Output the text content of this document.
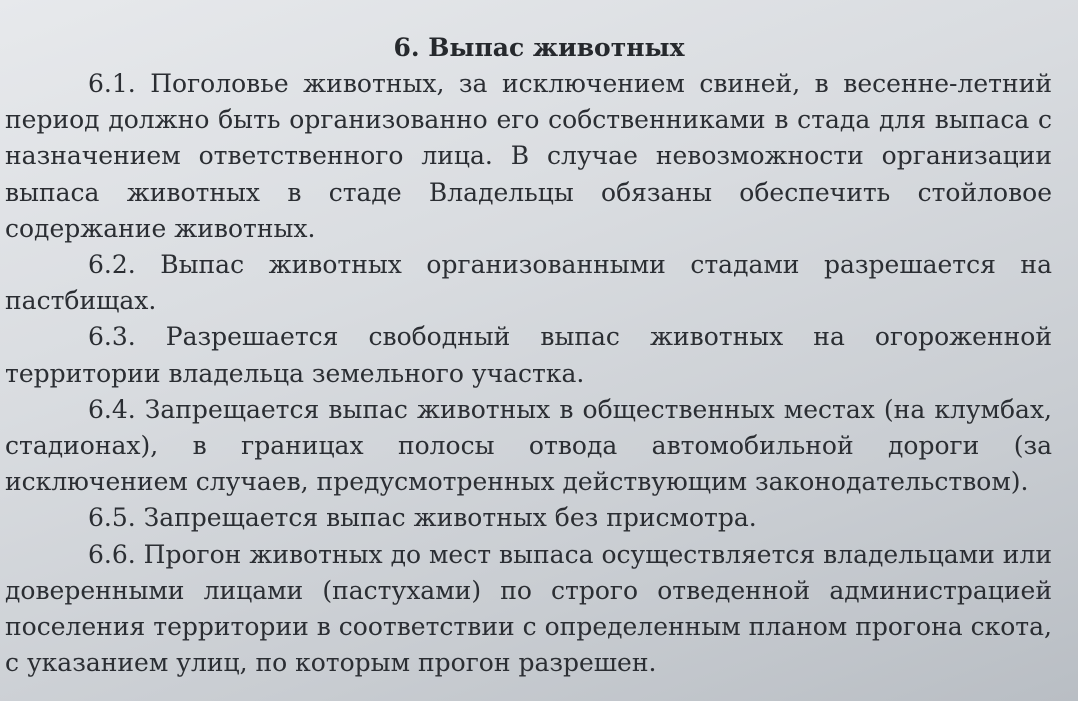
6. Выпас животных
6.1. Поголовье животных, за исключением свиней, в весенне-летний
период должно быть организованно его собственниками в стада для выпаса с
назначением ответственного лица. В случае невозможности организации
выпаса животных в стаде Владельцы обязаны обеспечить стойловое
содержание животных.
6.2. Выпас животных организованными стадами разрешается на
пастбищах.
6.3. Разрешается свободный выпас животных на огороженной
территории владельца земельного участка.
6.4. Запрещается выпас животных в общественных местах (на клумбах,
стадионах), в границах полосы отвода автомобильной дороги (за
исключением случаев, предусмотренных действующим законодательством).
6.5. Запрещается выпас животных без присмотра.
6.6. Прогон животных до мест выпаса осуществляется владельцами или
доверенными лицами (пастухами) по строго отведенной администрацией
поселения территории в соответствии с определенным планом прогона скота,
с указанием улиц, по которым прогон разрешен.
